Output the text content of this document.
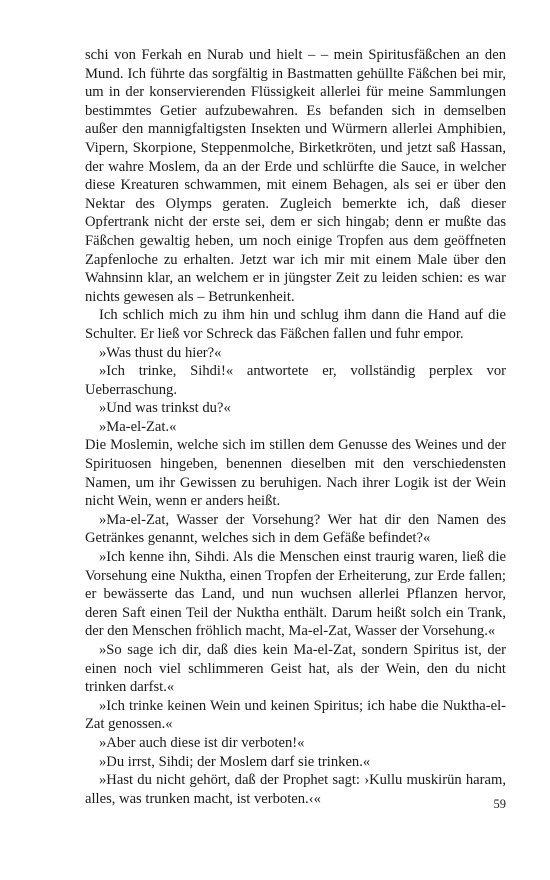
schi von Ferkah en Nurab und hielt – – mein Spiritusfäßchen an den Mund. Ich führte das sorgfältig in Bastmatten gehüllte Fäßchen bei mir, um in der konservierenden Flüssigkeit allerlei für meine Sammlungen bestimmtes Getier aufzubewahren. Es befanden sich in demselben außer den mannigfaltigsten Insekten und Würmern allerlei Amphibien, Vipern, Skorpione, Steppenmolche, Birketkröten, und jetzt saß Hassan, der wahre Moslem, da an der Erde und schlürfte die Sauce, in welcher diese Kreaturen schwammen, mit einem Behagen, als sei er über den Nektar des Olymps geraten. Zugleich bemerkte ich, daß dieser Opfertrank nicht der erste sei, dem er sich hingab; denn er mußte das Fäßchen gewaltig heben, um noch einige Tropfen aus dem geöffneten Zapfenloche zu erhalten. Jetzt war ich mir mit einem Male über den Wahnsinn klar, an welchem er in jüngster Zeit zu leiden schien: es war nichts gewesen als – Betrunkenheit.

Ich schlich mich zu ihm hin und schlug ihm dann die Hand auf die Schulter. Er ließ vor Schreck das Fäßchen fallen und fuhr empor.

»Was thust du hier?«

»Ich trinke, Sihdi!« antwortete er, vollständig perplex vor Ueberraschung.

»Und was trinkst du?«

»Ma-el-Zat.«

Die Moslemin, welche sich im stillen dem Genusse des Weines und der Spirituosen hingeben, benennen dieselben mit den verschiedensten Namen, um ihr Gewissen zu beruhigen. Nach ihrer Logik ist der Wein nicht Wein, wenn er anders heißt.

»Ma-el-Zat, Wasser der Vorsehung? Wer hat dir den Namen des Getränkes genannt, welches sich in dem Gefäße befindet?«

»Ich kenne ihn, Sihdi. Als die Menschen einst traurig waren, ließ die Vorsehung eine Nuktha, einen Tropfen der Erheiterung, zur Erde fallen; er bewässerte das Land, und nun wuchsen allerlei Pflanzen hervor, deren Saft einen Teil der Nuktha enthält. Darum heißt solch ein Trank, der den Menschen fröhlich macht, Ma-el-Zat, Wasser der Vorsehung.«

»So sage ich dir, daß dies kein Ma-el-Zat, sondern Spiritus ist, der einen noch viel schlimmeren Geist hat, als der Wein, den du nicht trinken darfst.«

»Ich trinke keinen Wein und keinen Spiritus; ich habe die Nuktha-el-Zat genossen.«

»Aber auch diese ist dir verboten!«

»Du irrst, Sihdi; der Moslem darf sie trinken.«

»Hast du nicht gehört, daß der Prophet sagt: ›Kullu muskirün haram, alles, was trunken macht, ist verboten.‹«	59
